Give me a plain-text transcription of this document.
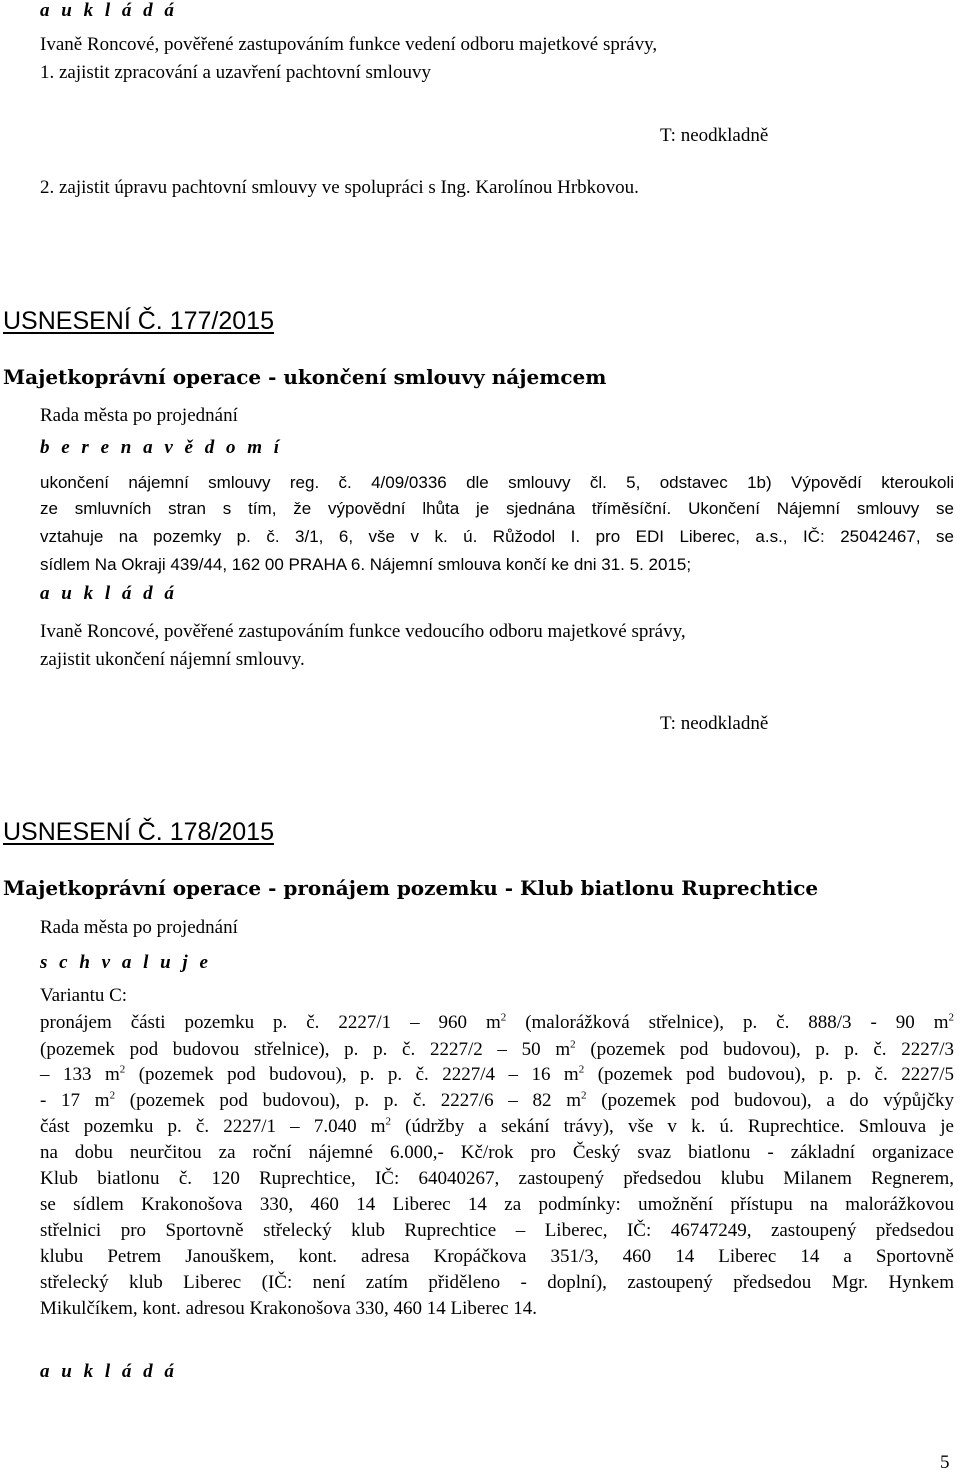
a u k l á d á
Ivaně Roncové, pověřené zastupováním funkce vedení odboru majetkové správy,
1. zajistit zpracování a uzavření pachtovní smlouvy
T: neodkladně
2. zajistit úpravu pachtovní smlouvy ve spolupráci s Ing. Karolínou Hrbkovou.
USNESENÍ Č. 177/2015
Majetkoprávní operace - ukončení smlouvy nájemcem
Rada města po projednání
b e r e n a v ě d o m í
ukončení nájemní smlouvy reg. č. 4/09/0336 dle smlouvy čl. 5, odstavec 1b) Výpovědí kteroukoli
ze smluvních stran s tím, že výpovědní lhůta je sjednána tříměsíční. Ukončení Nájemní smlouvy se
vztahuje na pozemky p. č. 3/1, 6, vše v k. ú. Růžodol I. pro EDI Liberec, a.s., IČ: 25042467, se
sídlem Na Okraji 439/44, 162 00 PRAHA 6. Nájemní smlouva končí ke dni 31. 5. 2015;
a u k l á d á
Ivaně Roncové, pověřené zastupováním funkce vedoucího odboru majetkové správy,
zajistit ukončení nájemní smlouvy.
T: neodkladně
USNESENÍ Č. 178/2015
Majetkoprávní operace - pronájem pozemku - Klub biatlonu Ruprechtice
Rada města po projednání
s c h v a l u j e
Variantu C:
pronájem části pozemku p. č. 2227/1 – 960 $m^2$ (malorážková střelnice), p. č. 888/3 - 90 $m^2$
(pozemek pod budovou střelnice), p. p. č. 2227/2 – 50 $m^2$ (pozemek pod budovou), p. p. č. 2227/3
– 133 $m^2$ (pozemek pod budovou), p. p. č. 2227/4 – 16 $m^2$ (pozemek pod budovou), p. p. č. 2227/5
- 17 $m^2$ (pozemek pod budovou), p. p. č. 2227/6 – 82 $m^2$ (pozemek pod budovou), a do výpůjčky
část pozemku p. č. 2227/1 – 7.040 $m^2$ (údržby a sekání trávy), vše v k. ú. Ruprechtice. Smlouva je
na dobu neurčitou za roční nájemné 6.000,- Kč/rok pro Český svaz biatlonu - základní organizace
Klub biatlonu č. 120 Ruprechtice, IČ: 64040267, zastoupený předsedou klubu Milanem Regnerem,
se sídlem Krakonošova 330, 460 14 Liberec 14 za podmínky: umožnění přístupu na malorážkovou
střelnici pro Sportovně střelecký klub Ruprechtice – Liberec, IČ: 46747249, zastoupený předsedou
klubu Petrem Janouškem, kont. adresa Kropáčkova 351/3, 460 14 Liberec 14 a Sportovně
střelecký klub Liberec (IČ: není zatím přiděleno - doplní), zastoupený předsedou Mgr. Hynkem
Mikulčíkem, kont. adresou Krakonošova 330, 460 14 Liberec 14.
a u k l á d á
5
